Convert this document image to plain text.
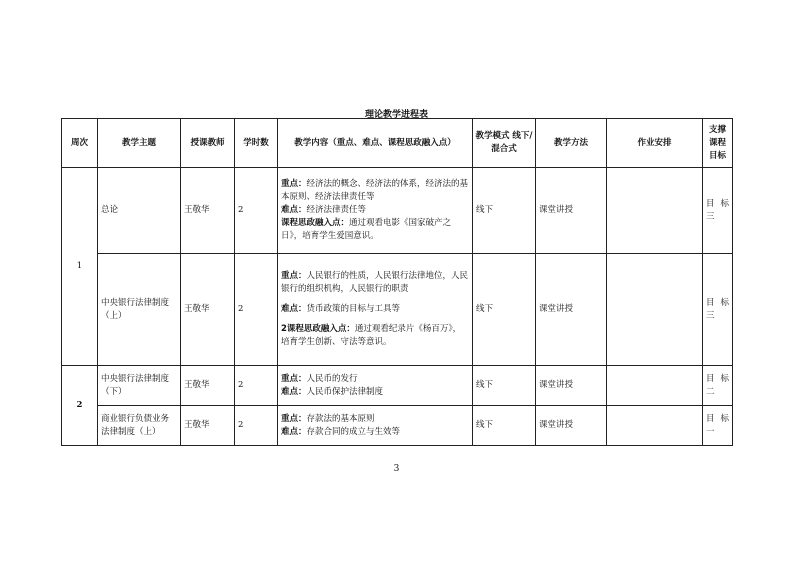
理论教学进程表
周次	教学主题	授课教师	学时数	教学内容（重点、难点、课程思政融入点）	教学模式 线下/混合式	教学方法	作业安排	支撑课程目标
1	总论	王敬华	2	重点：经济法的概念、经济法的体系，经济法的基本原则、经济法律责任等

难点：经济法律责任等

课程思政融入点：通过观看电影《国家破产之日》，培育学生爱国意识。	线下	课堂讲授		目标三
	中央银行法律制度（上）	王敬华	2	重点：人民银行的性质，人民银行法律地位，人民银行的组织机构，人民银行的职责

难点：货币政策的目标与工具等

2课程思政融入点：通过观看纪录片《杨百万》，培育学生创新、守法等意识。	线下	课堂讲授		目标三
2	中央银行法律制度（下）	王敬华	2	重点：人民币的发行

难点：人民币保护法律制度	线下	课堂讲授		目标二
	商业银行负债业务法律制度（上）	王敬华	2	重点：存款法的基本原则

难点：存款合同的成立与生效等	线下	课堂讲授		目标一
3
